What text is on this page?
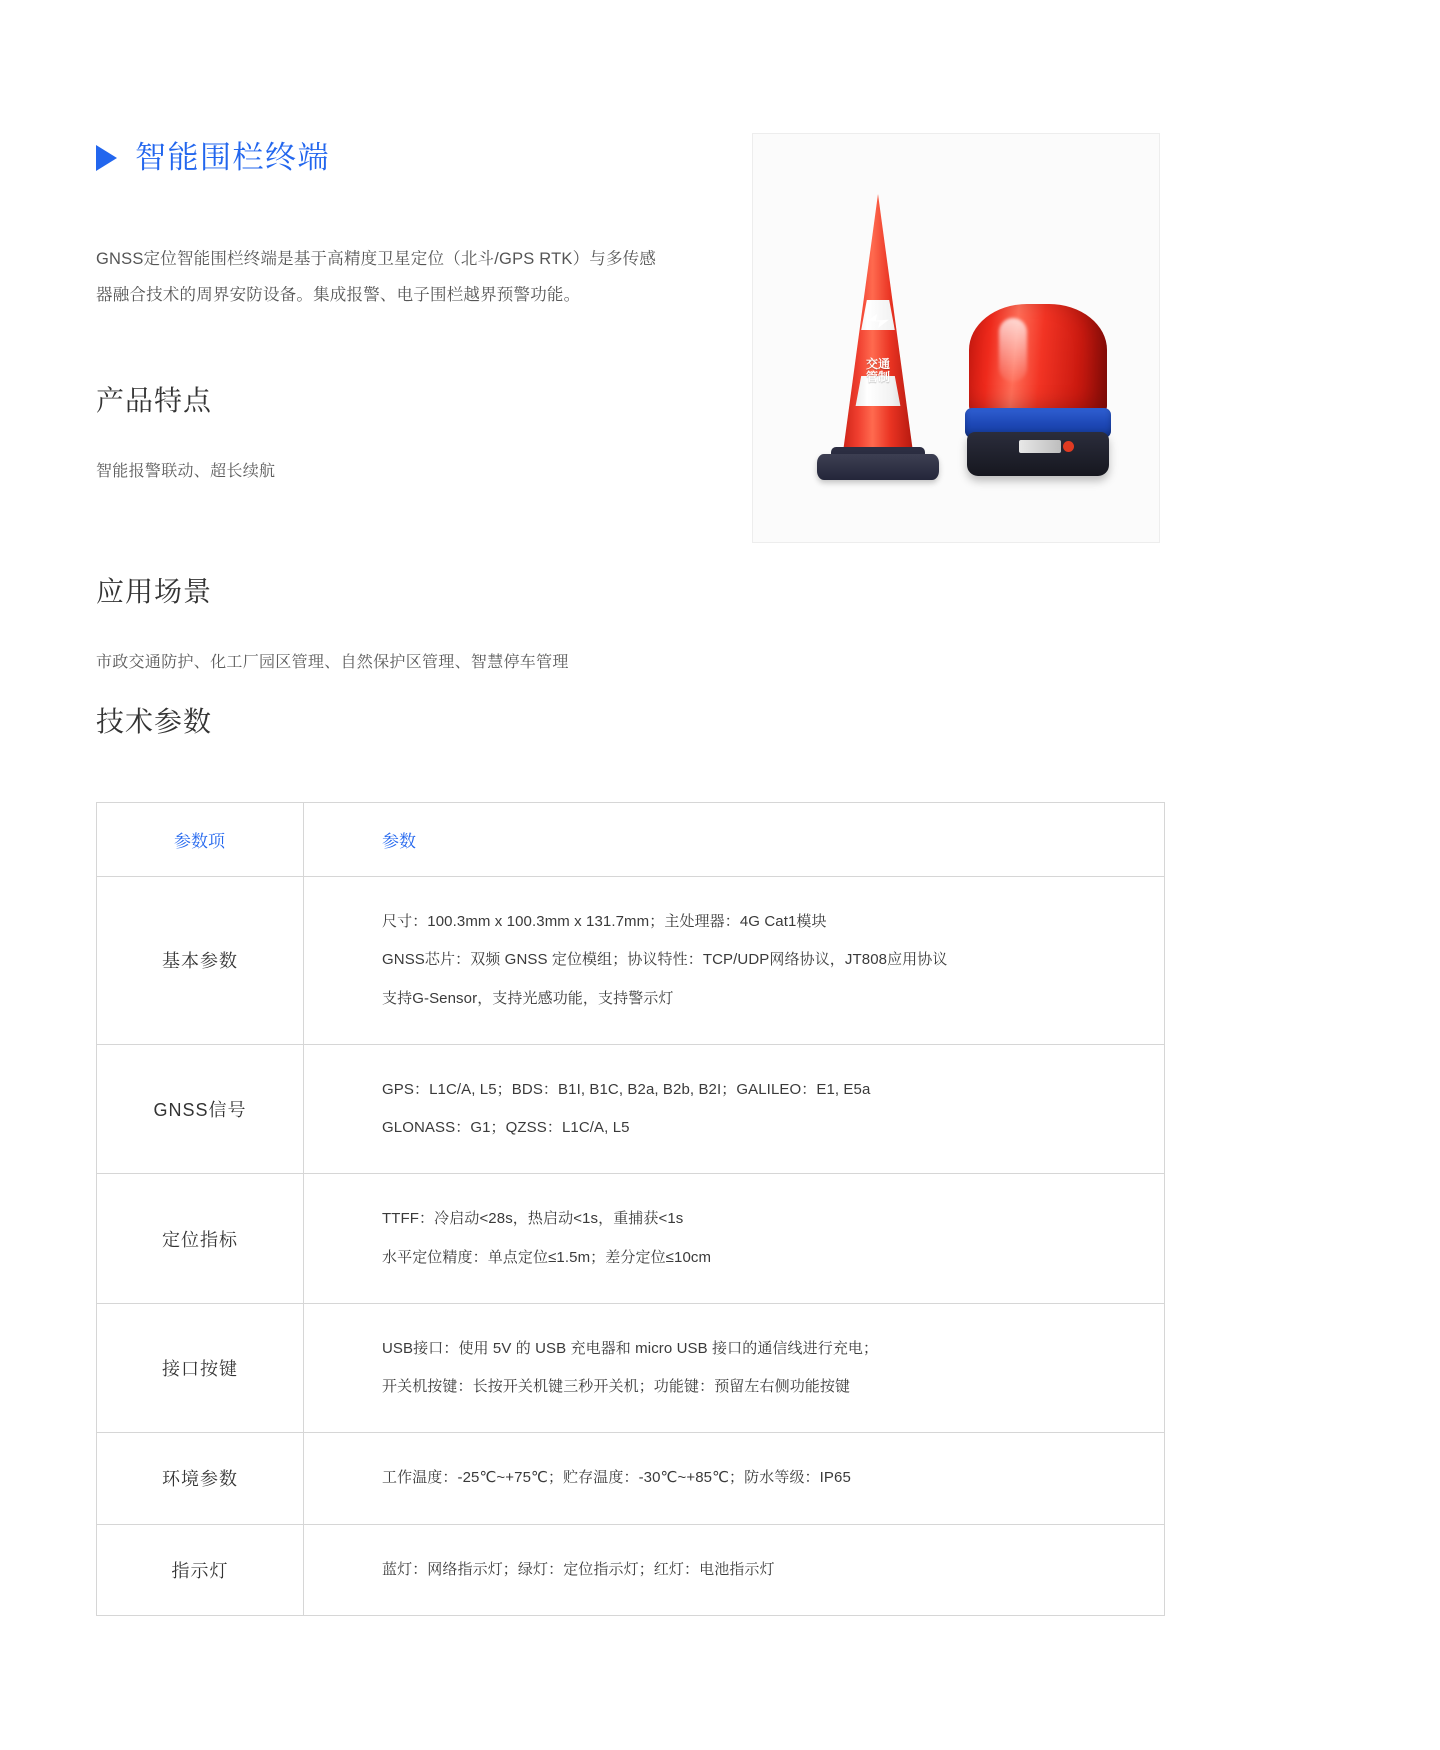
智能围栏终端

GNSS定位智能围栏终端是基于高精度卫星定位（北斗/GPS RTK）与多传感器融合技术的周界安防设备。集成报警、电子围栏越界预警功能。

产品特点

智能报警联动、超长续航

应用场景

市政交通防护、化工厂园区管理、自然保护区管理、智慧停车管理

交通管制
技术参数
参数项	参数
基本参数	尺寸：100.3mm x 100.3mm x 131.7mm；主处理器：4G Cat1模块
GNSS芯片：双频 GNSS 定位模组；协议特性：TCP/UDP网络协议，JT808应用协议
支持G-Sensor，支持光感功能，支持警示灯

GNSS信号	GPS：L1C/A, L5；BDS：B1I, B1C, B2a, B2b, B2I；GALILEO：E1, E5a
GLONASS：G1；QZSS：L1C/A, L5

定位指标	TTFF：冷启动<28s，热启动<1s，重捕获<1s
水平定位精度：单点定位≤1.5m；差分定位≤10cm

接口按键	USB接口：使用 5V 的 USB 充电器和 micro USB 接口的通信线进行充电；
开关机按键：长按开关机键三秒开关机；功能键：预留左右侧功能按键

环境参数	工作温度：-25℃~+75℃；贮存温度：-30℃~+85℃；防水等级：IP65

指示灯	蓝灯：网络指示灯；绿灯：定位指示灯；红灯：电池指示灯
